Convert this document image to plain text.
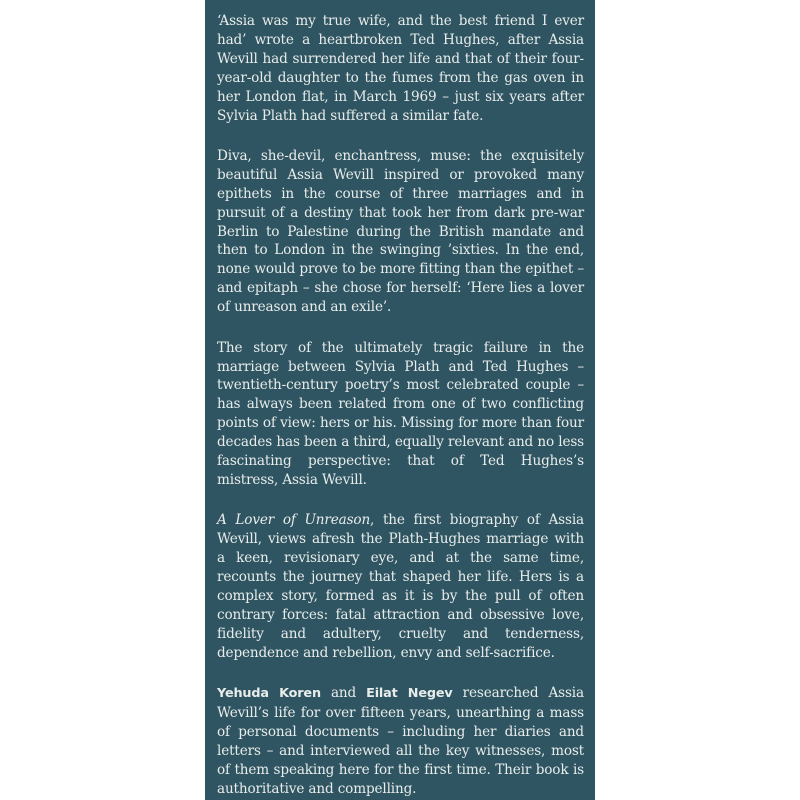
‘Assia was my true wife, and the best friend I ever had’ wrote a heartbroken Ted Hughes, after Assia Wevill had surrendered her life and that of their four-year-old daughter to the fumes from the gas oven in her London flat, in March 1969 – just six years after Sylvia Plath had suffered a similar fate.

Diva, she-devil, enchantress, muse: the exquisitely beautiful Assia Wevill inspired or provoked many epithets in the course of three marriages and in pursuit of a destiny that took her from dark pre-war Berlin to Palestine during the British mandate and then to London in the swinging ’sixties. In the end, none would prove to be more fitting than the epithet – and epitaph – she chose for herself: ‘Here lies a lover of unreason and an exile’.

The story of the ultimately tragic failure in the marriage between Sylvia Plath and Ted Hughes – twentieth-century poetry’s most celebrated couple – has always been related from one of two conflicting points of view: hers or his. Missing for more than four decades has been a third, equally relevant and no less fascinating perspective: that of Ted Hughes’s mistress, Assia Wevill.

A Lover of Unreason, the first biography of Assia Wevill, views afresh the Plath-Hughes marriage with a keen, revisionary eye, and at the same time, recounts the journey that shaped her life. Hers is a complex story, formed as it is by the pull of often contrary forces: fatal attraction and obsessive love, fidelity and adultery, cruelty and tenderness, dependence and rebellion, envy and self-sacrifice.

Yehuda Koren and Eilat Negev researched Assia Wevill’s life for over fifteen years, unearthing a mass of personal documents – including her diaries and letters – and interviewed all the key witnesses, most of them speaking here for the first time. Their book is authoritative and compelling.
